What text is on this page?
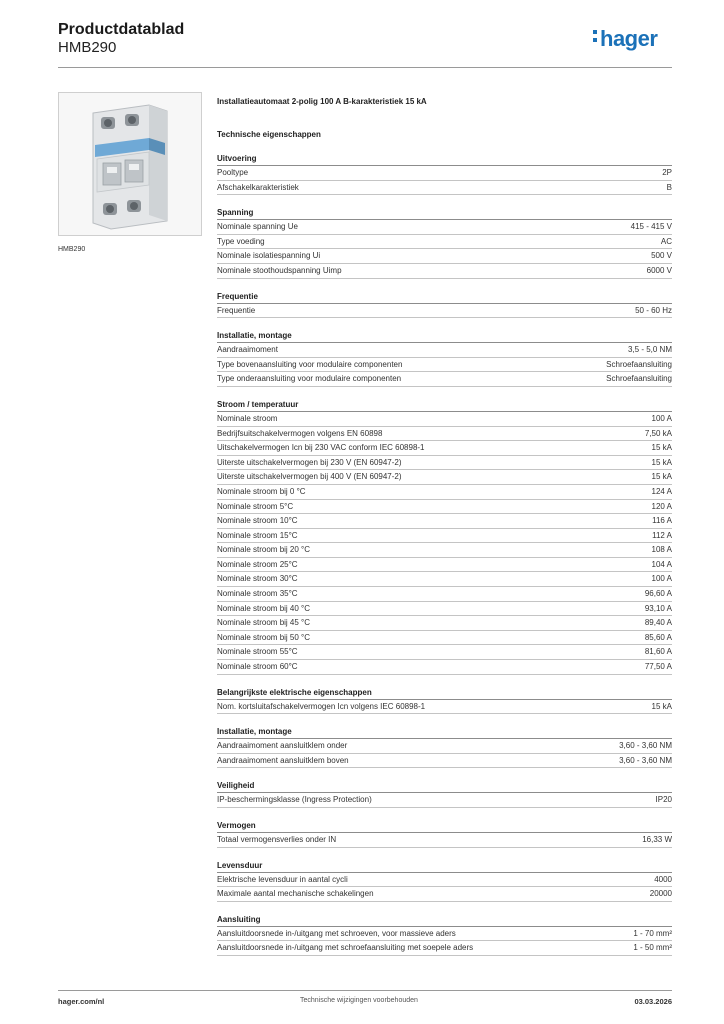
Productdatablad
HMB290	hager
HMB290
Installatieautomaat 2-polig 100 A B-karakteristiek 15 kA
Technische eigenschappen
Uitvoering
Pooltype	2P
Afschakelkarakteristiek	B
Spanning
Nominale spanning Ue	415 - 415 V
Type voeding	AC
Nominale isolatiespanning Ui	500 V
Nominale stoothoudspanning Uimp	6000 V
Frequentie
Frequentie	50 - 60 Hz
Installatie, montage
Aandraaimoment	3,5 - 5,0 NM
Type bovenaansluiting voor modulaire componenten	Schroefaansluiting
Type onderaansluiting voor modulaire componenten	Schroefaansluiting
Stroom / temperatuur
Nominale stroom	100 A
Bedrijfsuitschakelvermogen volgens EN 60898	7,50 kA
Uitschakelvermogen Icn bij 230 VAC conform IEC 60898-1	15 kA
Uiterste uitschakelvermogen bij 230 V (EN 60947-2)	15 kA
Uiterste uitschakelvermogen bij 400 V (EN 60947-2)	15 kA
Nominale stroom bij 0 °C	124 A
Nominale stroom 5°C	120 A
Nominale stroom 10°C	116 A
Nominale stroom 15°C	112 A
Nominale stroom bij 20 °C	108 A
Nominale stroom 25°C	104 A
Nominale stroom 30°C	100 A
Nominale stroom 35°C	96,60 A
Nominale stroom bij 40 °C	93,10 A
Nominale stroom bij 45 °C	89,40 A
Nominale stroom bij 50 °C	85,60 A
Nominale stroom 55°C	81,60 A
Nominale stroom 60°C	77,50 A
Belangrijkste elektrische eigenschappen
Nom. kortsluitafschakelvermogen Icn volgens IEC 60898-1	15 kA
Installatie, montage
Aandraaimoment aansluitklem onder	3,60 - 3,60 NM
Aandraaimoment aansluitklem boven	3,60 - 3,60 NM
Veiligheid
IP-beschermingsklasse (Ingress Protection)	IP20
Vermogen
Totaal vermogensverlies onder IN	16,33 W
Levensduur
Elektrische levensduur in aantal cycli	4000
Maximale aantal mechanische schakelingen	20000
Aansluiting
Aansluitdoorsnede in-/uitgang met schroeven, voor massieve aders	1 - 70 mm²
Aansluitdoorsnede in-/uitgang met schroefaansluiting met soepele aders	1 - 50 mm²
hager.com/nl	Technische wijzigingen voorbehouden	03.03.2026
